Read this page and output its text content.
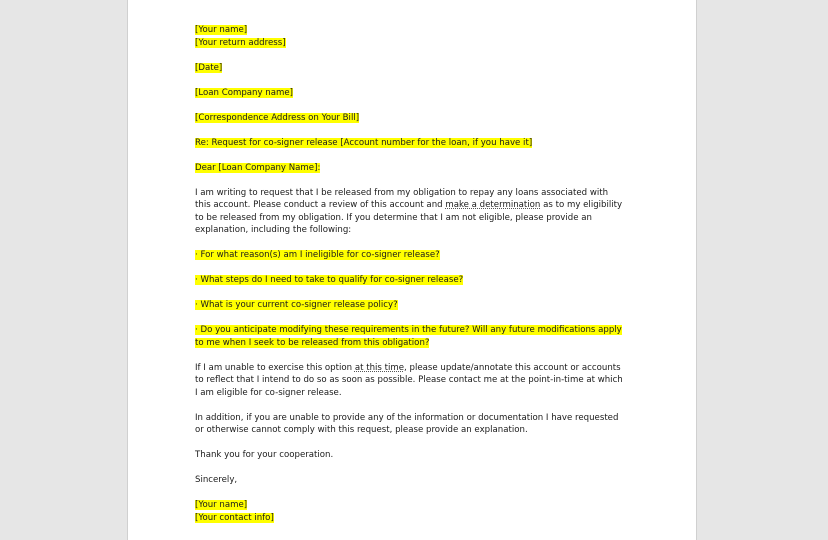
[Your name]
[Your return address]
[Date]
[Loan Company name]
[Correspondence Address on Your Bill]
Re: Request for co-signer release [Account number for the loan, if you have it]
Dear [Loan Company Name]:

I am writing to request that I be released from my obligation to repay any loans associated with this account. Please conduct a review of this account and make a determination as to my eligibility to be released from my obligation. If you determine that I am not eligible, please provide an explanation, including the following:

· For what reason(s) am I ineligible for co-signer release?
· What steps do I need to take to qualify for co-signer release?
· What is your current co-signer release policy?

· Do you anticipate modifying these requirements in the future? Will any future modifications apply to me when I seek to be released from this obligation?

If I am unable to exercise this option at this time, please update/annotate this account or accounts to reflect that I intend to do so as soon as possible. Please contact me at the point-in-time at which I am eligible for co-signer release.

In addition, if you are unable to provide any of the information or documentation I have requested or otherwise cannot comply with this request, please provide an explanation.

Thank you for your cooperation.
Sincerely,
[Your name]
[Your contact info]
